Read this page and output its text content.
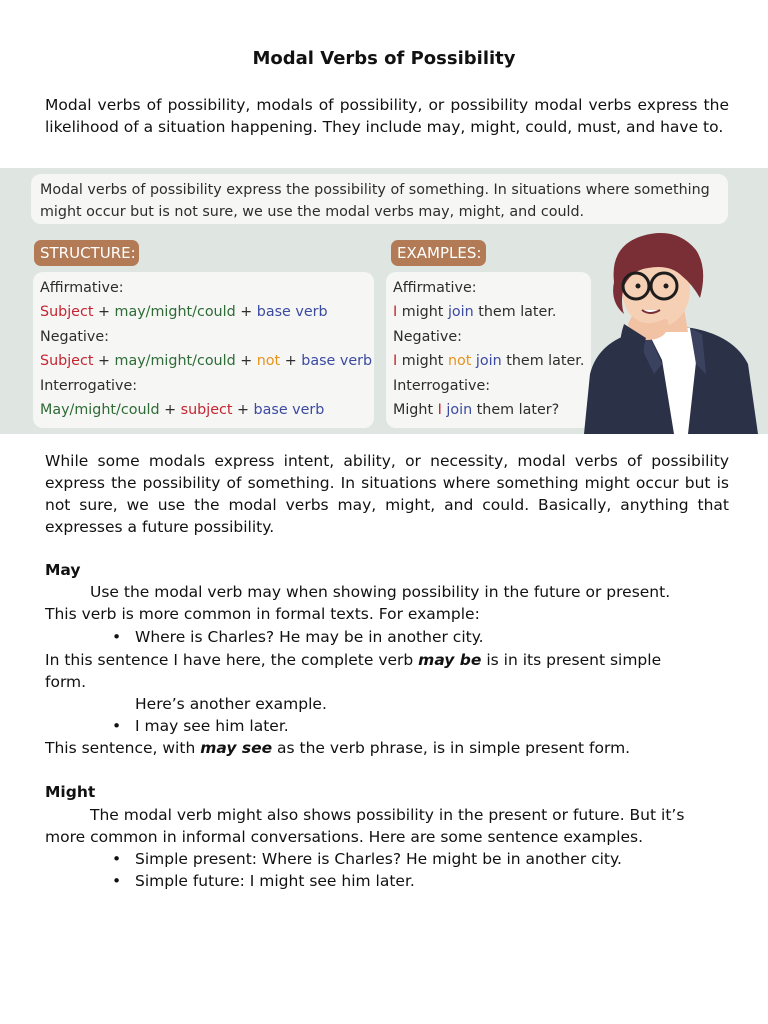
Modal Verbs of Possibility
Modal verbs of possibility, modals of possibility, or possibility modal verbs express the likelihood of a situation happening. They include may, might, could, must, and have to.
Modal verbs of possibility express the possibility of something. In situations where something
might occur but is not sure, we use the modal verbs may, might, and could.
STRUCTURE:	EXAMPLES:
Affirmative:
Subject + may/might/could + base verb
Negative:
Subject + may/might/could + not + base verb
Interrogative:
May/might/could + subject + base verb
Affirmative:
I might join them later.
Negative:
I might not join them later.
Interrogative:
Might I join them later?
While some modals express intent, ability, or necessity, modal verbs of possibility express the possibility of something. In situations where something might occur but is not sure, we use the modal verbs may, might, and could. Basically, anything that expresses a future possibility.
May
Use the modal verb may when showing possibility in the future or present.
This verb is more common in formal texts. For example:
• Where is Charles? He may be in another city.
In this sentence I have here, the complete verb may be is in its present simple
form.
Here’s another example.
• I may see him later.
This sentence, with may see as the verb phrase, is in simple present form.
Might
The modal verb might also shows possibility in the present or future. But it’s
more common in informal conversations. Here are some sentence examples.
• Simple present: Where is Charles? He might be in another city.
• Simple future: I might see him later.
